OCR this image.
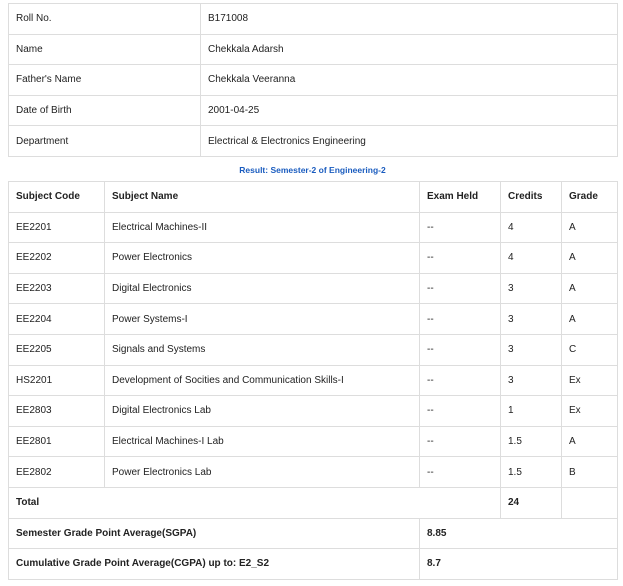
Roll No.	B171008
Name	Chekkala Adarsh
Father's Name	Chekkala Veeranna
Date of Birth	2001-04-25
Department	Electrical & Electronics Engineering
Result: Semester-2 of Engineering-2
Subject Code	Subject Name	Exam Held	Credits	Grade
EE2201	Electrical Machines-II	--	4	A
EE2202	Power Electronics	--	4	A
EE2203	Digital Electronics	--	3	A
EE2204	Power Systems-I	--	3	A
EE2205	Signals and Systems	--	3	C
HS2201	Development of Socities and Communication Skills-I	--	3	Ex
EE2803	Digital Electronics Lab	--	1	Ex
EE2801	Electrical Machines-I Lab	--	1.5	A
EE2802	Power Electronics Lab	--	1.5	B
Total			24	
Semester Grade Point Average(SGPA)		8.85		
Cumulative Grade Point Average(CGPA) up to: E2_S2		8.7		
